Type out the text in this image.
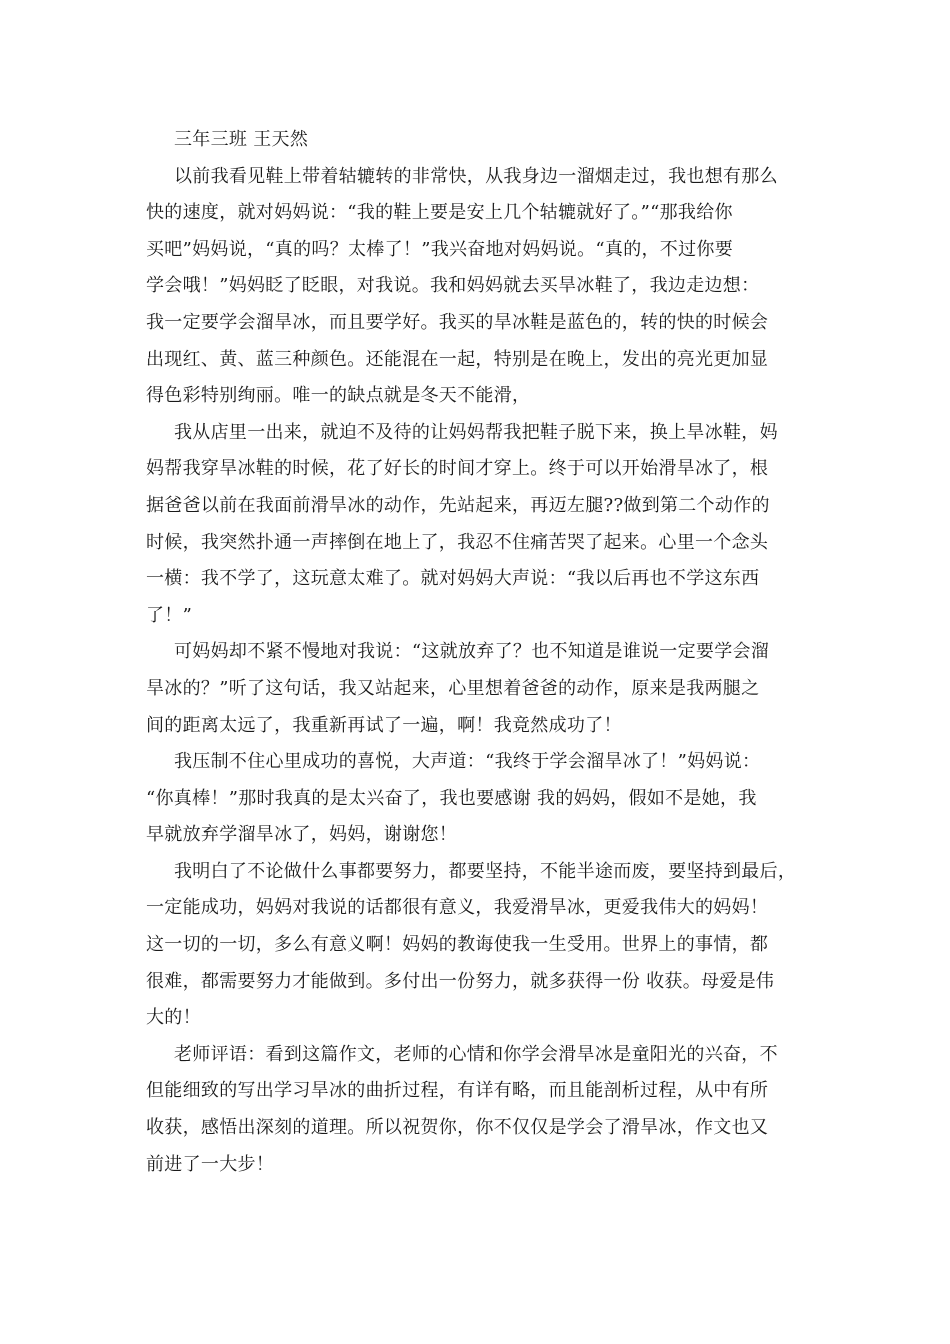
三年三班 王天然
以前我看见鞋上带着轱辘转的非常快，从我身边一溜烟走过，我也想有那么
快的速度，就对妈妈说：“我的鞋上要是安上几个轱辘就好了。”“那我给你
买吧”妈妈说，“真的吗？太棒了！”我兴奋地对妈妈说。“真的，不过你要
学会哦！”妈妈眨了眨眼，对我说。我和妈妈就去买旱冰鞋了，我边走边想：
我一定要学会溜旱冰，而且要学好。我买的旱冰鞋是蓝色的，转的快的时候会
出现红、黄、蓝三种颜色。还能混在一起，特别是在晚上，发出的亮光更加显
得色彩特别绚丽。唯一的缺点就是冬天不能滑，
我从店里一出来，就迫不及待的让妈妈帮我把鞋子脱下来，换上旱冰鞋，妈
妈帮我穿旱冰鞋的时候，花了好长的时间才穿上。终于可以开始滑旱冰了，根
据爸爸以前在我面前滑旱冰的动作，先站起来，再迈左腿??做到第二个动作的
时候，我突然扑通一声摔倒在地上了，我忍不住痛苦哭了起来。心里一个念头
一横：我不学了，这玩意太难了。就对妈妈大声说：“我以后再也不学这东西
了！”
可妈妈却不紧不慢地对我说：“这就放弃了？也不知道是谁说一定要学会溜
旱冰的？”听了这句话，我又站起来，心里想着爸爸的动作，原来是我两腿之
间的距离太远了，我重新再试了一遍，啊！我竟然成功了！
我压制不住心里成功的喜悦，大声道：“我终于学会溜旱冰了！”妈妈说：
“你真棒！”那时我真的是太兴奋了，我也要感谢 我的妈妈，假如不是她，我
早就放弃学溜旱冰了，妈妈，谢谢您！
我明白了不论做什么事都要努力，都要坚持，不能半途而废，要坚持到最后，
一定能成功，妈妈对我说的话都很有意义，我爱滑旱冰，更爱我伟大的妈妈！
这一切的一切，多么有意义啊！妈妈的教诲使我一生受用。世界上的事情，都
很难，都需要努力才能做到。多付出一份努力，就多获得一份 收获。母爱是伟
大的！
老师评语：看到这篇作文，老师的心情和你学会滑旱冰是童阳光的兴奋，不
但能细致的写出学习旱冰的曲折过程，有详有略，而且能剖析过程，从中有所
收获，感悟出深刻的道理。所以祝贺你，你不仅仅是学会了滑旱冰，作文也又
前进了一大步！
